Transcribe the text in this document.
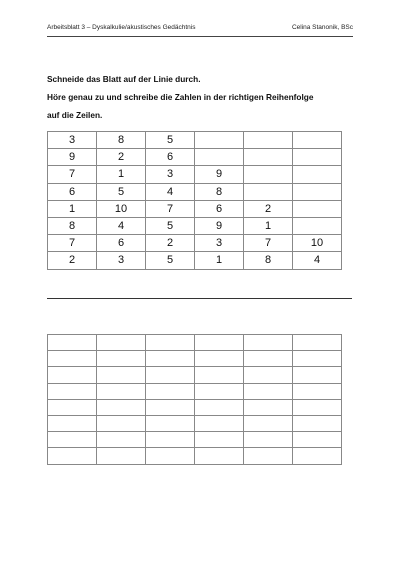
Arbeitsblatt 3 – Dyskalkulie/akustisches Gedächtnis	Celina Stanonik, BSc
Schneide das Blatt auf der Linie durch.
Höre genau zu und schreibe die Zahlen in der richtigen Reihenfolge
auf die Zeilen.
3	8	5			
9	2	6			
7	1	3	9		
6	5	4	8		
1	10	7	6	2	
8	4	5	9	1	
7	6	2	3	7	10
2	3	5	1	8	4
